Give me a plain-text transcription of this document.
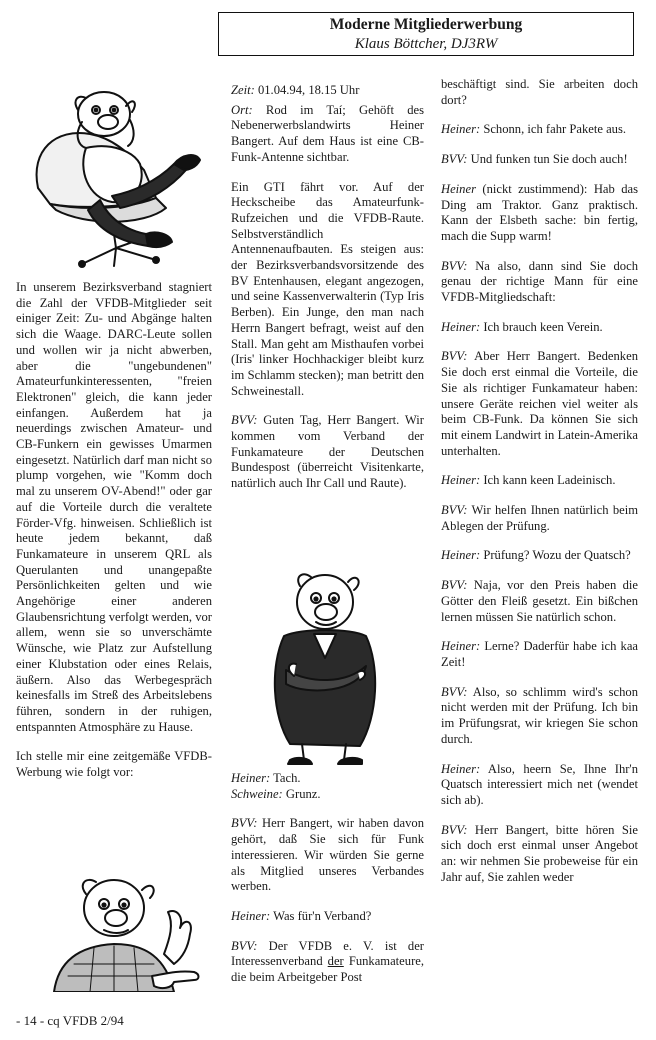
Moderne Mitgliederwerbung
Klaus Böttcher, DJ3RW

In unserem Bezirksverband stagniert die Zahl der VFDB-Mitglieder seit einiger Zeit: Zu- und Abgänge halten sich die Waage. DARC-Leute sollen und wollen wir ja nicht abwerben, aber die "ungebundenen" Amateurfunkinteressenten, "freien Elektronen" gleich, die kann jeder einfangen. Außerdem hat ja neuerdings zwischen Amateur- und CB-Funkern ein gewisses Umarmen eingesetzt. Natürlich darf man nicht so plump vorgehen, wie "Komm doch mal zu unserem OV-Abend!" oder gar auf die Vorteile durch die veraltete Förder-Vfg. hinweisen. Schließlich ist heute jedem bekannt, daß Funkamateure in unserem QRL als Querulanten und unangepaßte Persönlichkeiten gelten und wie Angehörige einer anderen Glaubensrichtung verfolgt werden, vor allem, wenn sie so unverschämte Wünsche, wie Platz zur Aufstellung einer Klubstation oder eines Relais, äußern. Also das Werbegespräch keinesfalls im Streß des Arbeitslebens führen, sondern in der ruhigen, entspannten Atmosphäre zu Hause.

Ich stelle mir eine zeitgemäße VFDB-Werbung wie folgt vor:

Zeit: 01.04.94, 18.15 Uhr

Ort: Rod im Taí; Gehöft des Nebenerwerbslandwirts Heiner Bangert. Auf dem Haus ist eine CB-Funk-Antenne sichtbar.

Ein GTI fährt vor. Auf der Heckscheibe das Amateurfunk-Rufzeichen und die VFDB-Raute. Selbstverständlich Antennenaufbauten. Es steigen aus: der Bezirksverbandsvorsitzende des BV Entenhausen, elegant angezogen, und seine Kassenverwalterin (Typ Iris Berben). Ein Junge, den man nach Herrn Bangert befragt, weist auf den Stall. Man geht am Misthaufen vorbei (Iris' linker Hochhackiger bleibt kurz im Schlamm stecken); man betritt den Schweinestall.

BVV: Guten Tag, Herr Bangert. Wir kommen vom Verband der Funkamateure der Deutschen Bundespost (überreicht Visitenkarte, natürlich auch Ihr Call und Raute).

Heiner: Tach.

Schweine: Grunz.

BVV: Herr Bangert, wir haben davon gehört, daß Sie sich für Funk interessieren. Wir würden Sie gerne als Mitglied unseres Verbandes werben.

Heiner: Was für'n Verband?

BVV: Der VFDB e. V. ist der Interessenverband der Funkamateure, die beim Arbeitgeber Post

beschäftigt sind. Sie arbeiten doch dort?

Heiner: Schonn, ich fahr Pakete aus.

BVV: Und funken tun Sie doch auch!

Heiner (nickt zustimmend): Hab das Ding am Traktor. Ganz praktisch. Kann der Elsbeth sache: bin fertig, mach die Supp warm!

BVV: Na also, dann sind Sie doch genau der richtige Mann für eine VFDB-Mitgliedschaft:

Heiner: Ich brauch keen Verein.

BVV: Aber Herr Bangert. Bedenken Sie doch erst einmal die Vorteile, die Sie als richtiger Funkamateur haben: unsere Geräte reichen viel weiter als beim CB-Funk. Da können Sie sich mit einem Landwirt in Latein-Amerika unterhalten.

Heiner: Ich kann keen Ladeinisch.

BVV: Wir helfen Ihnen natürlich beim Ablegen der Prüfung.

Heiner: Prüfung? Wozu der Quatsch?

BVV: Naja, vor den Preis haben die Götter den Fleiß gesetzt. Ein bißchen lernen müssen Sie natürlich schon.

Heiner: Lerne? Daderfür habe ich kaa Zeit!

BVV: Also, so schlimm wird's schon nicht werden mit der Prüfung. Ich bin im Prüfungsrat, wir kriegen Sie schon durch.

Heiner: Also, heern Se, Ihne Ihr'n Quatsch interessiert mich net (wendet sich ab).

BVV: Herr Bangert, bitte hören Sie sich doch erst einmal unser Angebot an: wir nehmen Sie probeweise für ein Jahr auf, Sie zahlen weder

- 14 - cq VFDB 2/94
